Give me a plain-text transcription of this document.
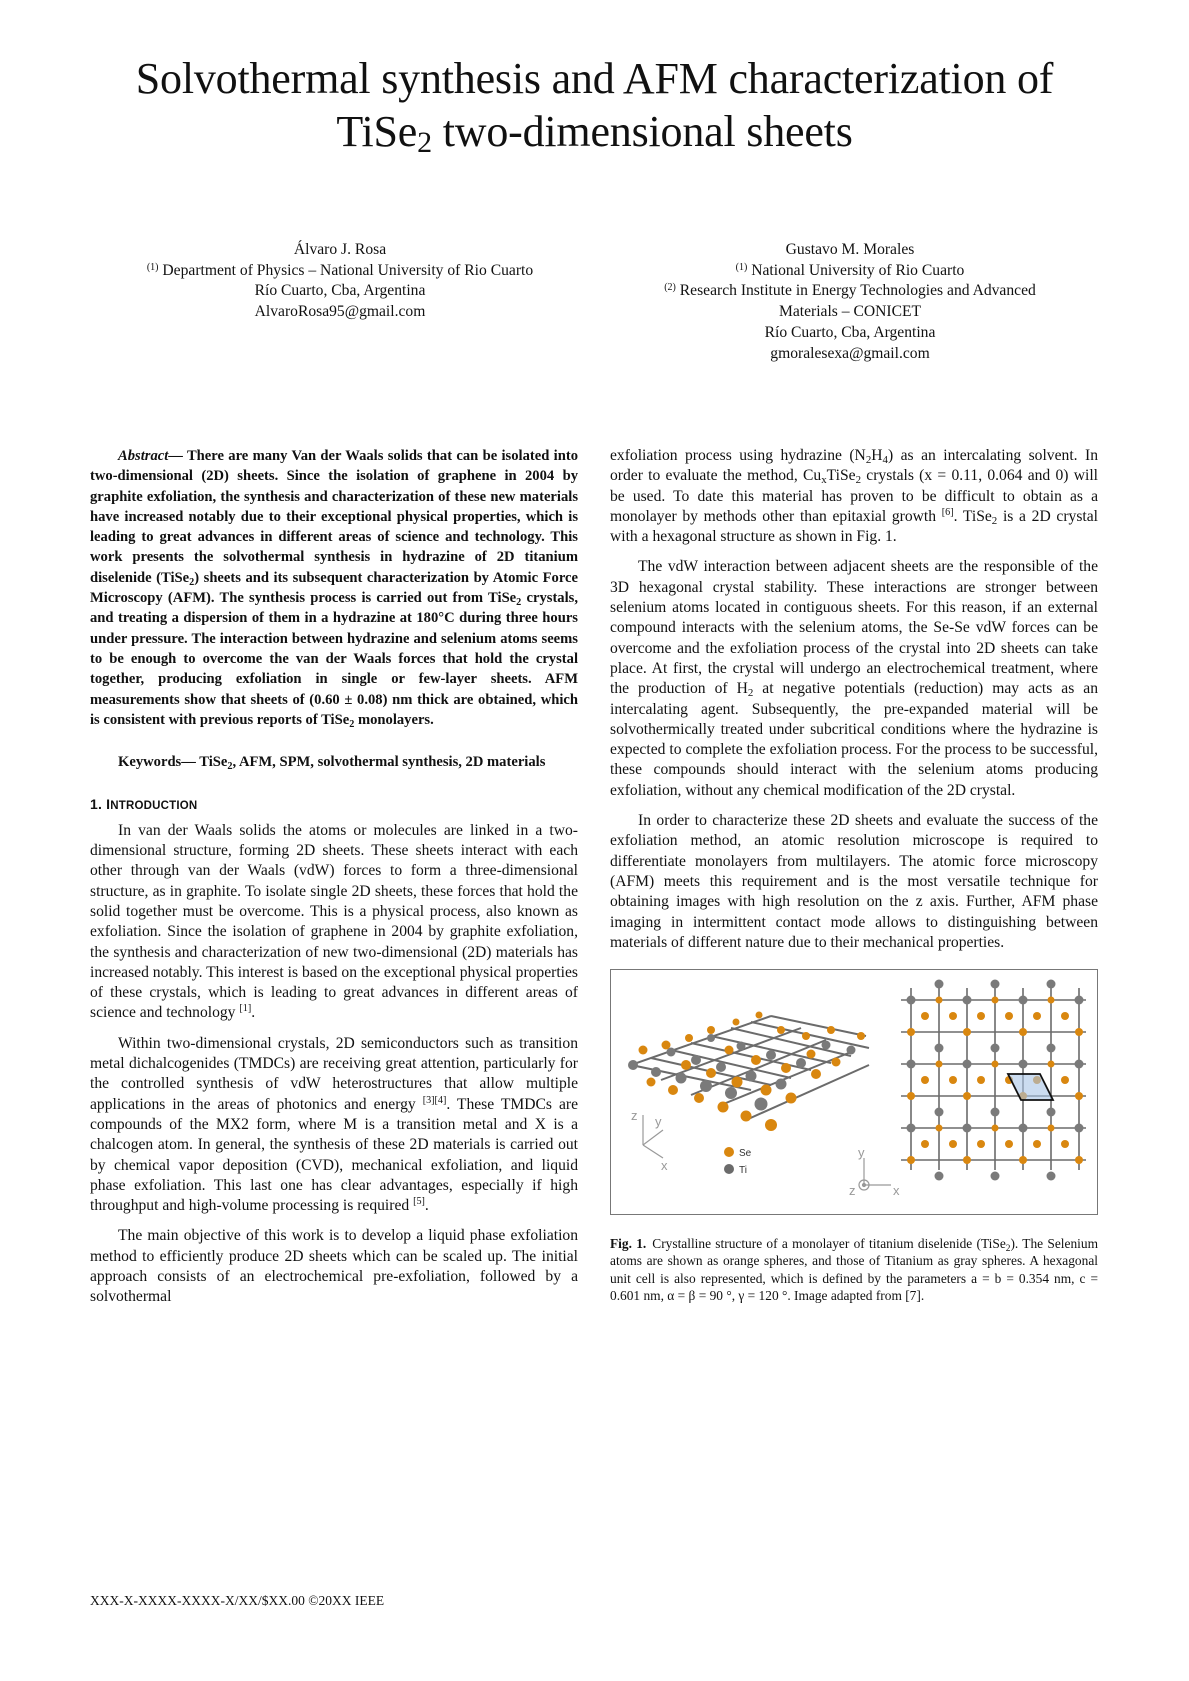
Solvothermal synthesis and AFM characterization of
TiSe$_2$ two-dimensional sheets
Álvaro J. Rosa
$^{(1)}$ Department of Physics – National University of Rio Cuarto
Río Cuarto, Cba, Argentina
AlvaroRosa95@gmail.com
Gustavo M. Morales
$^{(1)}$ National University of Rio Cuarto
$^{(2)}$ Research Institute in Energy Technologies and Advanced
Materials – CONICET
Río Cuarto, Cba, Argentina
gmoralesexa@gmail.com

Abstract— There are many Van der Waals solids that can be isolated into two-dimensional (2D) sheets. Since the isolation of graphene in 2004 by graphite exfoliation, the synthesis and characterization of these new materials have increased notably due to their exceptional physical properties, which is leading to great advances in different areas of science and technology. This work presents the solvothermal synthesis in hydrazine of 2D titanium diselenide (TiSe$_2$) sheets and its subsequent characterization by Atomic Force Microscopy (AFM). The synthesis process is carried out from TiSe$_2$ crystals, and treating a dispersion of them in a hydrazine at 180°C during three hours under pressure. The interaction between hydrazine and selenium atoms seems to be enough to overcome the van der Waals forces that hold the crystal together, producing exfoliation in single or few-layer sheets. AFM measurements show that sheets of (0.60 ± 0.08) nm thick are obtained, which is consistent with previous reports of TiSe$_2$ monolayers.

Keywords— TiSe$_2$, AFM, SPM, solvothermal synthesis, 2D materials

1. INTRODUCTION

In van der Waals solids the atoms or molecules are linked in a two-dimensional structure, forming 2D sheets. These sheets interact with each other through van der Waals (vdW) forces to form a three-dimensional structure, as in graphite. To isolate single 2D sheets, these forces that hold the solid together must be overcome. This is a physical process, also known as exfoliation. Since the isolation of graphene in 2004 by graphite exfoliation, the synthesis and characterization of new two-dimensional (2D) materials has increased notably. This interest is based on the exceptional physical properties of these crystals, which is leading to great advances in different areas of science and technology [1].

Within two-dimensional crystals, 2D semiconductors such as transition metal dichalcogenides (TMDCs) are receiving great attention, particularly for the controlled synthesis of vdW heterostructures that allow multiple applications in the areas of photonics and energy [3][4]. These TMDCs are compounds of the MX2 form, where M is a transition metal and X is a chalcogen atom. In general, the synthesis of these 2D materials is carried out by chemical vapor deposition (CVD), mechanical exfoliation, and liquid phase exfoliation. This last one has clear advantages, especially if high throughput and high-volume processing is required [5].

The main objective of this work is to develop a liquid phase exfoliation method to efficiently produce 2D sheets which can be scaled up. The initial approach consists of an electrochemical pre-exfoliation, followed by a solvothermal

exfoliation process using hydrazine $(N_2H_4)$ as an intercalating solvent. In order to evaluate the method, $Cu_xTiSe_2$ crystals (x = 0.11, 0.064 and 0) will be used. To date this material has proven to be difficult to obtain as a monolayer by methods other than epitaxial growth [6]. TiSe$_2$ is a 2D crystal with a hexagonal structure as shown in Fig. 1.

The vdW interaction between adjacent sheets are the responsible of the 3D hexagonal crystal stability. These interactions are stronger between selenium atoms located in contiguous sheets. For this reason, if an external compound interacts with the selenium atoms, the Se-Se vdW forces can be overcome and the exfoliation process of the crystal into 2D sheets can take place. At first, the crystal will undergo an electrochemical treatment, where the production of $H_2$ at negative potentials (reduction) may acts as an intercalating agent. Subsequently, the pre-expanded material will be solvothermically treated under subcritical conditions where the hydrazine is expected to complete the exfoliation process. For the process to be successful, these compounds should interact with the selenium atoms producing exfoliation, without any chemical modification of the 2D crystal.

In order to characterize these 2D sheets and evaluate the success of the exfoliation method, an atomic resolution microscope is required to differentiate monolayers from multilayers. The atomic force microscopy (AFM) meets this requirement and is the most versatile technique for obtaining images with high resolution on the z axis. Further, AFM phase imaging in intermittent contact mode allows to distinguishing between materials of different nature due to their mechanical properties.

z y
x
Se
Ti
y
z	x

Fig. 1. Crystalline structure of a monolayer of titanium diselenide (TiSe$_2$). The Selenium atoms are shown as orange spheres, and those of Titanium as gray spheres. A hexagonal unit cell is also represented, which is defined by the parameters a = b = 0.354 nm, c = 0.601 nm, α = β = 90 °, γ = 120 °. Image adapted from [7].

XXX-X-XXXX-XXXX-X/XX/$XX.00 ©20XX IEEE
